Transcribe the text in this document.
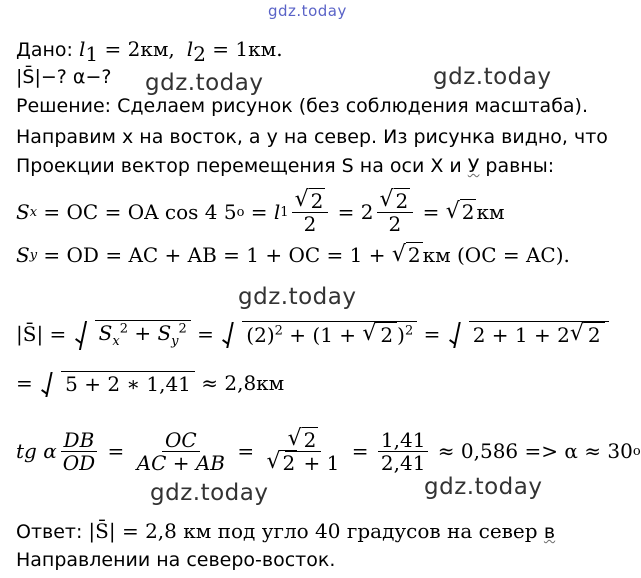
gdz.today
gdz.today	gdz.today
gdz.today
gdz.today	gdz.today
Дано: $l_1 = 2км$, $l_2 = 1км$.
|S̄|−? α−?
Решение: Сделаем рисунок (без соблюдения масштаба).
Направим x на восток, а y на север. Из рисунка видно, что
Проекции вектор перемещения S на оси X и У равны:
S x = OC = OA cos 4 5 o = l 1 √ $\frac{2}{2} = 2$ √ $\frac{2}{2}$ = √ 2 км
S y = OD = AC + AB = 1 + OC = 1 + √ 2 км (OC = AC).
|S̄| =	$S_x^2 + S_y^2$ =	$(2)^2 + (1$ + √ 2 )$^2$ =	2 + 1 + 2 √ 2
=	5 + 2 ∗ 1,41 ≈ 2,8км
tg α $\frac{DB}{OD} = \frac{OC}{AC + AB}$ = √ 2
√ $2 + 1 = \frac{1,41}{2,41} \approx 0,586 => \alpha \approx 30$ o
Ответ: |S̄| = 2,8 км под угло 40 градусов на север в
Направлении на северо-восток.
